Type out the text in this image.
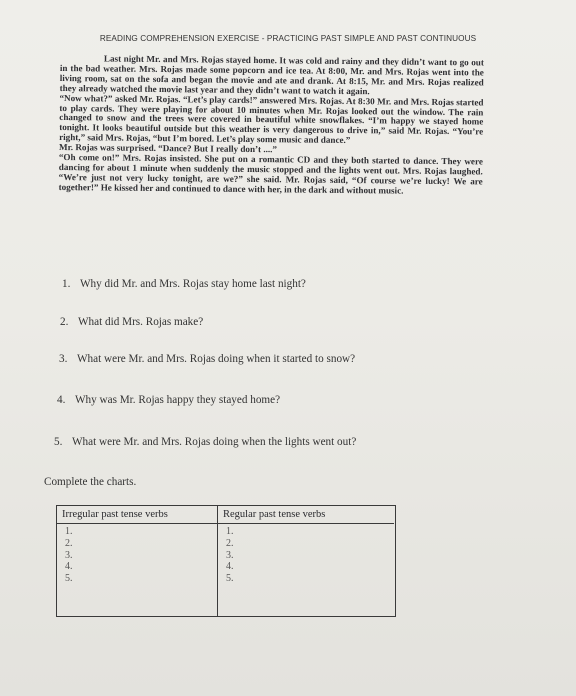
READING COMPREHENSION EXERCISE - PRACTICING PAST SIMPLE AND PAST CONTINUOUS

Last night Mr. and Mrs. Rojas stayed home. It was cold and rainy and they didn’t want to go out in the bad weather. Mrs. Rojas made some popcorn and ice tea. At 8:00, Mr. and Mrs. Rojas went into the living room, sat on the sofa and began the movie and ate and drank. At 8:15, Mr. and Mrs. Rojas realized they already watched the movie last year and they didn’t want to watch it again.

“Now what?” asked Mr. Rojas. “Let’s play cards!” answered Mrs. Rojas. At 8:30 Mr. and Mrs. Rojas started to play cards. They were playing for about 10 minutes when Mr. Rojas looked out the window. The rain changed to snow and the trees were covered in beautiful white snowflakes. “I’m happy we stayed home tonight. It looks beautiful outside but this weather is very dangerous to drive in,” said Mr. Rojas. “You’re right,” said Mrs. Rojas, “but I’m bored. Let’s play some music and dance.”

Mr. Rojas was surprised. “Dance? But I really don’t ....”

“Oh come on!” Mrs. Rojas insisted. She put on a romantic CD and they both started to dance. They were dancing for about 1 minute when suddenly the music stopped and the lights went out. Mrs. Rojas laughed. “We’re just not very lucky tonight, are we?” she said. Mr. Rojas said, “Of course we’re lucky! We are together!” He kissed her and continued to dance with her, in the dark and without music.

1. Why did Mr. and Mrs. Rojas stay home last night?
2. What did Mrs. Rojas make?
3. What were Mr. and Mrs. Rojas doing when it started to snow?
4. Why was Mr. Rojas happy they stayed home?
5. What were Mr. and Mrs. Rojas doing when the lights went out?
Complete the charts.
Irregular past tense verbs
1.
2.
3.
4.
5.
Regular past tense verbs
1.
2.
3.
4.
5.
